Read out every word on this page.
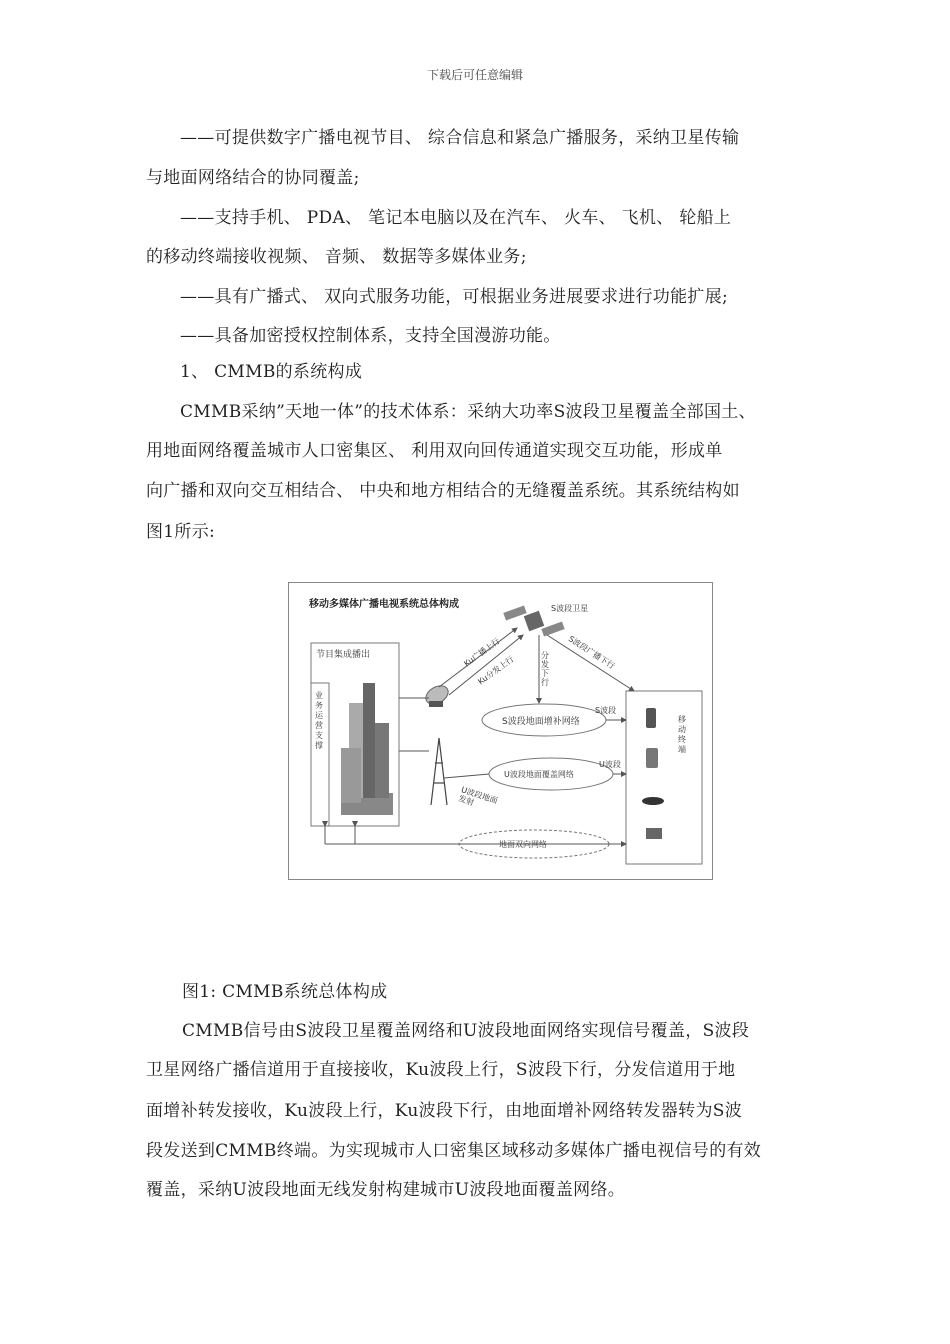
下载后可任意编辑
——可提供数字广播电视节目、 综合信息和紧急广播服务，采纳卫星传输
与地面网络结合的协同覆盖;
——支持手机、 PDA、 笔记本电脑以及在汽车、 火车、 飞机、 轮船上
的移动终端接收视频、 音频、 数据等多媒体业务;
——具有广播式、 双向式服务功能，可根据业务进展要求进行功能扩展;
——具备加密授权控制体系，支持全国漫游功能。
1、 CMMB的系统构成
CMMB采纳”天地一体”的技术体系：采纳大功率S波段卫星覆盖全部国土、
用地面网络覆盖城市人口密集区、 利用双向回传通道实现交互功能，形成单
向广播和双向交互相结合、 中央和地方相结合的无缝覆盖系统。其系统结构如
图1所示:
移动多媒体广播电视系统总体构成	S波段卫星
节目集成播出
业务运营支撑
Ku广播上行
Ku分发上行	分发下行
S波段广播下行
S波段地面增补网络
S波段
U波段地面覆盖网络
U波段
U波段地面发射
地面双向网络
移动终端
图1: CMMB系统总体构成
CMMB信号由S波段卫星覆盖网络和U波段地面网络实现信号覆盖，S波段
卫星网络广播信道用于直接接收，Ku波段上行，S波段下行，分发信道用于地
面增补转发接收，Ku波段上行，Ku波段下行，由地面增补网络转发器转为S波
段发送到CMMB终端。为实现城市人口密集区域移动多媒体广播电视信号的有效
覆盖，采纳U波段地面无线发射构建城市U波段地面覆盖网络。
